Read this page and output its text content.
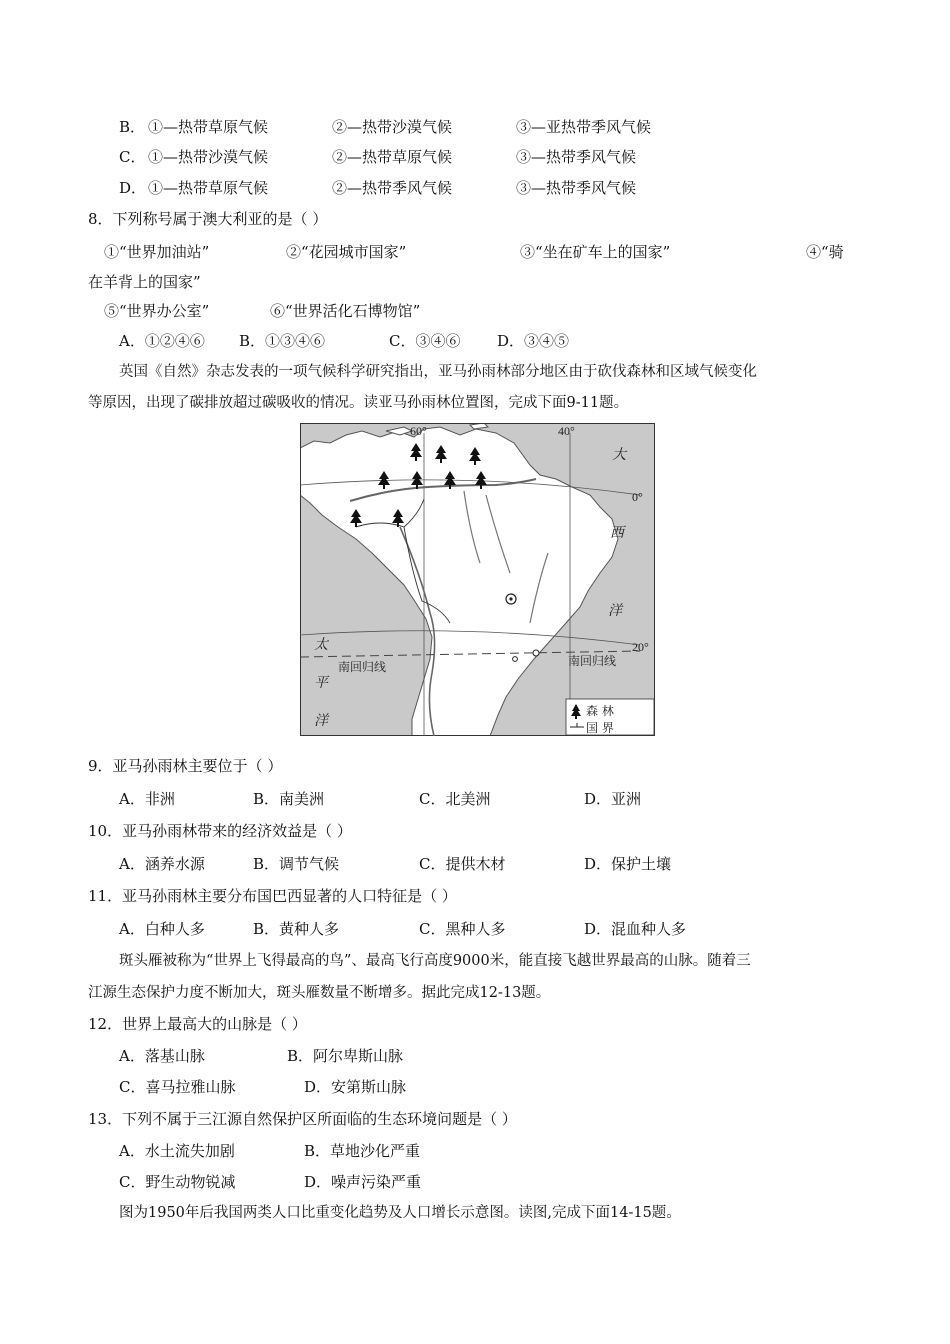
B． ①—热带草原气候	②—热带沙漠气候	③—亚热带季风气候
C． ①—热带沙漠气候	②—热带草原气候	③—热带季风气候
D． ①—热带草原气候	②—热带季风气候	③—热带季风气候
8．下列称号属于澳大利亚的是（ ）
①“世界加油站”	②“花园城市国家”	③“坐在矿车上的国家”	④“骑
在羊背上的国家”
⑤“世界办公室”	⑥“世界活化石博物馆”
A．①②④⑥ B．①③④⑥	C．③④⑥ D．③④⑤
英国《自然》杂志发表的一项气候科学研究指出，亚马孙雨林部分地区由于砍伐森林和区域气候变化
等原因，出现了碳排放超过碳吸收的情况。读亚马孙雨林位置图，完成下面9-11题。
60°	40°
0°
20°
大
西
洋
太
平
洋
南回归线	南回归线
森 林
国 界
9．亚马孙雨林主要位于（ ）
A．非洲	B．南美洲	C．北美洲	D．亚洲
10．亚马孙雨林带来的经济效益是（ ）
A．涵养水源	B．调节气候	C．提供木材	D．保护土壤
11．亚马孙雨林主要分布国巴西显著的人口特征是（ ）
A．白种人多	B．黄种人多	C．黑种人多	D．混血种人多
斑头雁被称为“世界上飞得最高的鸟”、最高飞行高度9000米，能直接飞越世界最高的山脉。随着三
江源生态保护力度不断加大，斑头雁数量不断增多。据此完成12-13题。
12．世界上最高大的山脉是（ ）
A．落基山脉	B．阿尔卑斯山脉
C．喜马拉雅山脉	D．安第斯山脉
13．下列不属于三江源自然保护区所面临的生态环境问题是（ ）
A．水土流失加剧	B．草地沙化严重
C．野生动物锐减	D．噪声污染严重
图为1950年后我国两类人口比重变化趋势及人口增长示意图。读图,完成下面14-15题。
